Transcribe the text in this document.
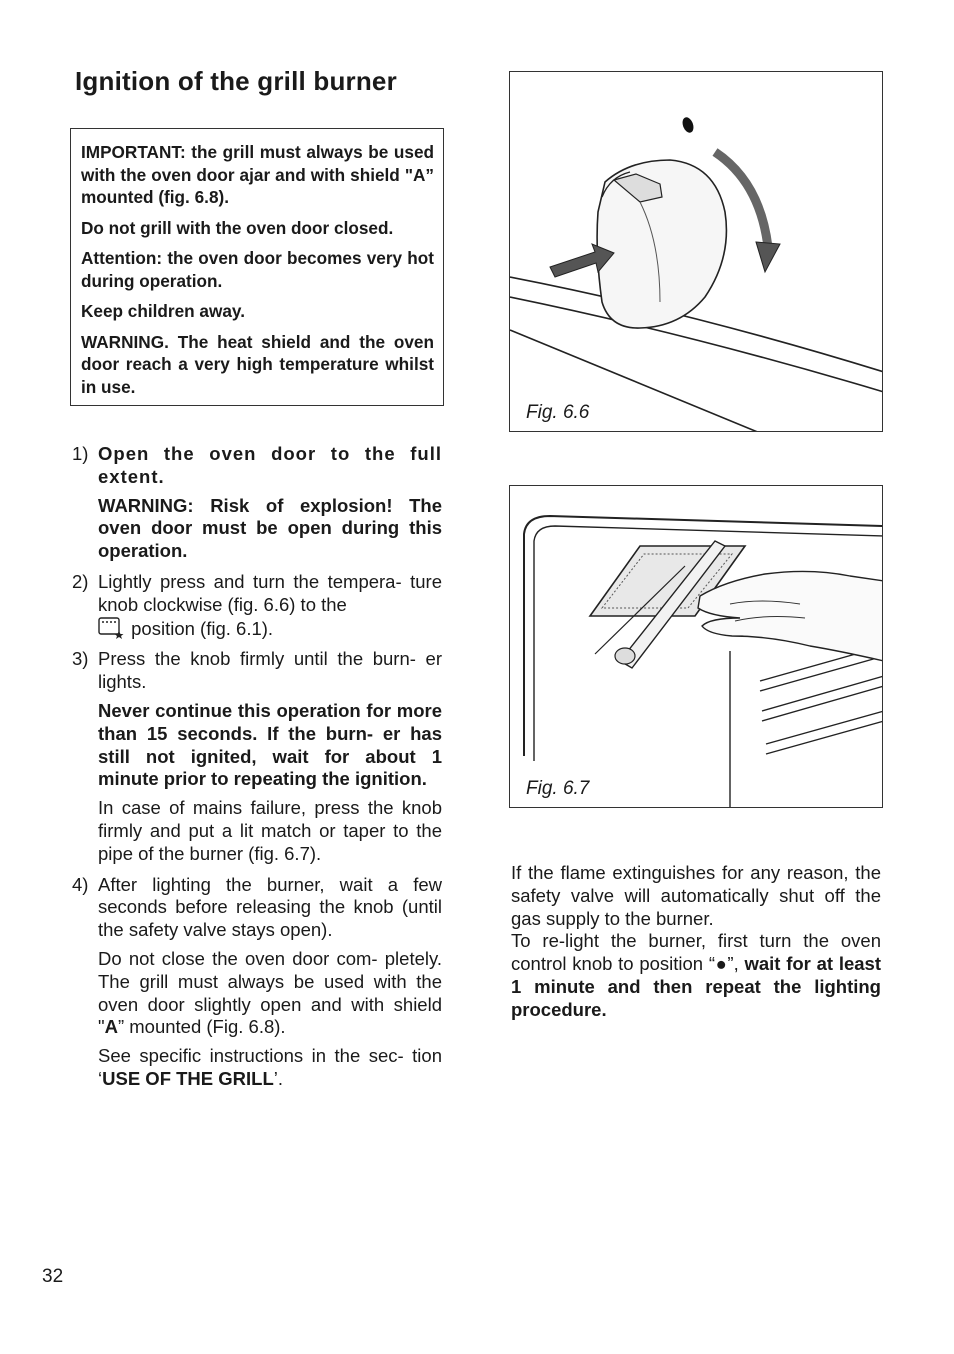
Ignition of the grill burner

IMPORTANT: the grill must always be used with the oven door ajar and with shield "A” mounted (fig. 6.8).

Do not grill with the oven door closed.

Attention: the oven door becomes very hot during operation.

Keep children away.

WARNING. The heat shield and the oven door reach a very high temperature whilst in use.

1) Open the oven door to the full extent.

WARNING: Risk of explosion! The oven door must be open during this operation.

2) Lightly press and turn the tempera- ture knob clockwise (fig. 6.6) to the
position (fig. 6.1).

3) Press the knob firmly until the burn- er lights.

Never continue this operation for more than 15 seconds. If the burn- er has still not ignited, wait for about 1 minute prior to repeating the ignition.

In case of mains failure, press the knob firmly and put a lit match or taper to the pipe of the burner (fig. 6.7).

4) After lighting the burner, wait a few seconds before releasing the knob (until the safety valve stays open).

Do not close the oven door com- pletely. The grill must always be used with the oven door slightly open and with shield "A” mounted (Fig. 6.8).

See specific instructions in the sec- tion ‘USE OF THE GRILL’.

Fig. 6.6
Fig. 6.7

If the flame extinguishes for any reason, the safety valve will automatically shut off the gas supply to the burner.

To re-light the burner, first turn the oven control knob to position “●”, wait for at least 1 minute and then repeat the lighting procedure.

32
